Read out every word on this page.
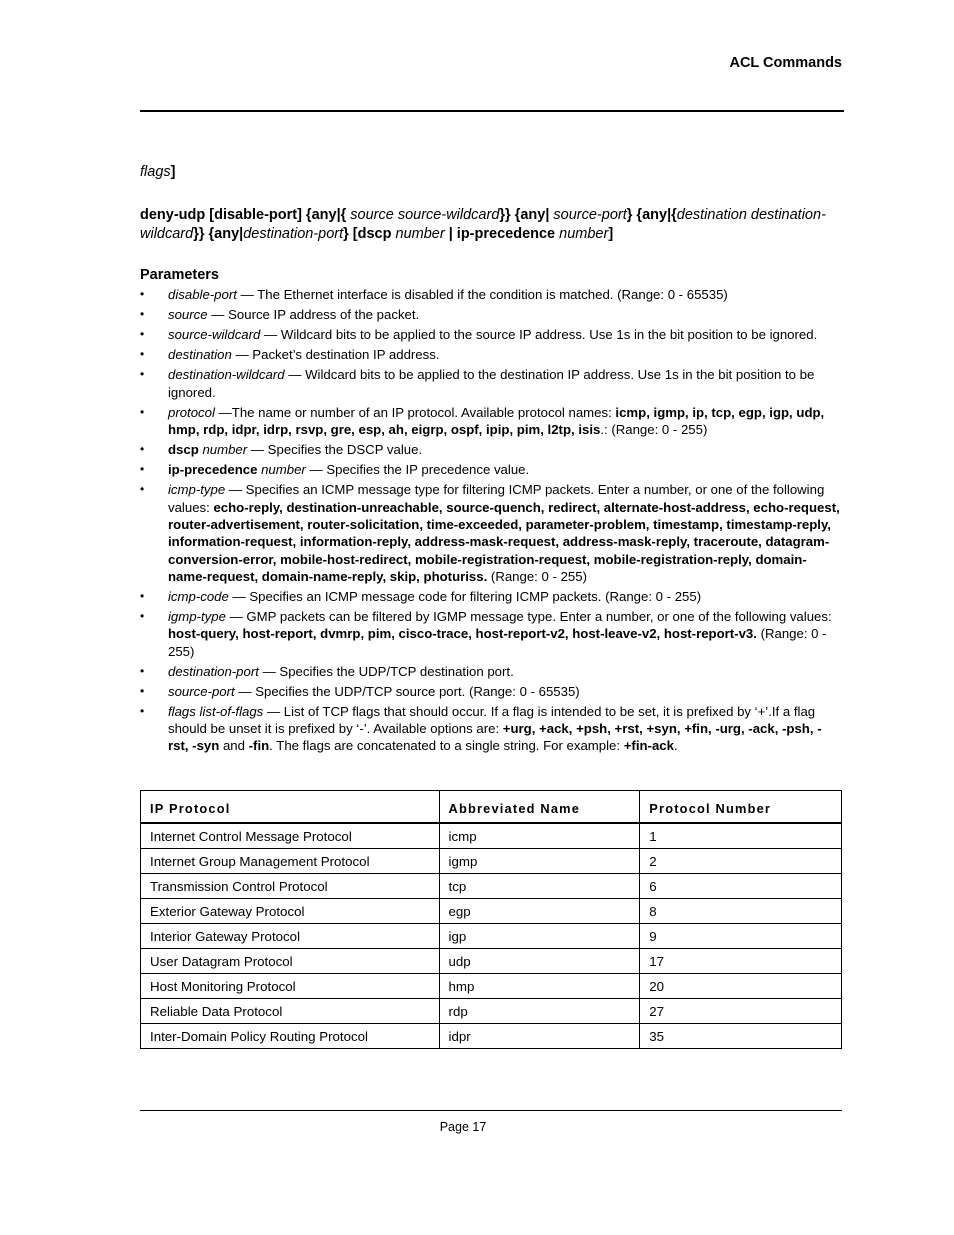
ACL Commands
flags]
deny-udp [disable-port] {any|{ source source-wildcard}} {any| source-port} {any|{destination destination-wildcard}} {any|destination-port} [dscp number | ip-precedence number]
Parameters
• disable-port — The Ethernet interface is disabled if the condition is matched. (Range: 0 - 65535)
• source — Source IP address of the packet.
• source-wildcard — Wildcard bits to be applied to the source IP address. Use 1s in the bit position to be ignored.
• destination — Packet’s destination IP address.
• destination-wildcard — Wildcard bits to be applied to the destination IP address. Use 1s in the bit position to be ignored.
• protocol —The name or number of an IP protocol. Available protocol names: icmp, igmp, ip, tcp, egp, igp, udp, hmp, rdp, idpr, idrp, rsvp, gre, esp, ah, eigrp, ospf, ipip, pim, l2tp, isis.: (Range: 0 - 255)
• dscp number — Specifies the DSCP value.
• ip-precedence number — Specifies the IP precedence value.
• icmp-type — Specifies an ICMP message type for filtering ICMP packets. Enter a number, or one of the following values: echo-reply, destination-unreachable, source-quench, redirect, alternate-host-address, echo-request, router-advertisement, router-solicitation, time-exceeded, parameter-problem, timestamp, timestamp-reply, information-request, information-reply, address-mask-request, address-mask-reply, traceroute, datagram-conversion-error, mobile-host-redirect, mobile-registration-request, mobile-registration-reply, domain-name-request, domain-name-reply, skip, photuriss. (Range: 0 - 255)
• icmp-code — Specifies an ICMP message code for filtering ICMP packets. (Range: 0 - 255)
• igmp-type — GMP packets can be filtered by IGMP message type. Enter a number, or one of the following values: host-query, host-report, dvmrp, pim, cisco-trace, host-report-v2, host-leave-v2, host-report-v3. (Range: 0 - 255)
• destination-port — Specifies the UDP/TCP destination port.
• source-port — Specifies the UDP/TCP source port. (Range: 0 - 65535)
• flags list-of-flags — List of TCP flags that should occur. If a flag is intended to be set, it is prefixed by ‘+’.If a flag should be unset it is prefixed by ‘-’. Available options are: +urg, +ack, +psh, +rst, +syn, +fin, -urg, -ack, -psh, -rst, -syn and -fin. The flags are concatenated to a single string. For example: +fin-ack.
IP Protocol	Abbreviated Name	Protocol Number
Internet Control Message Protocol	icmp	1
Internet Group Management Protocol	igmp	2
Transmission Control Protocol	tcp	6
Exterior Gateway Protocol	egp	8
Interior Gateway Protocol	igp	9
User Datagram Protocol	udp	17
Host Monitoring Protocol	hmp	20
Reliable Data Protocol	rdp	27
Inter-Domain Policy Routing Protocol	idpr	35
Page 17
